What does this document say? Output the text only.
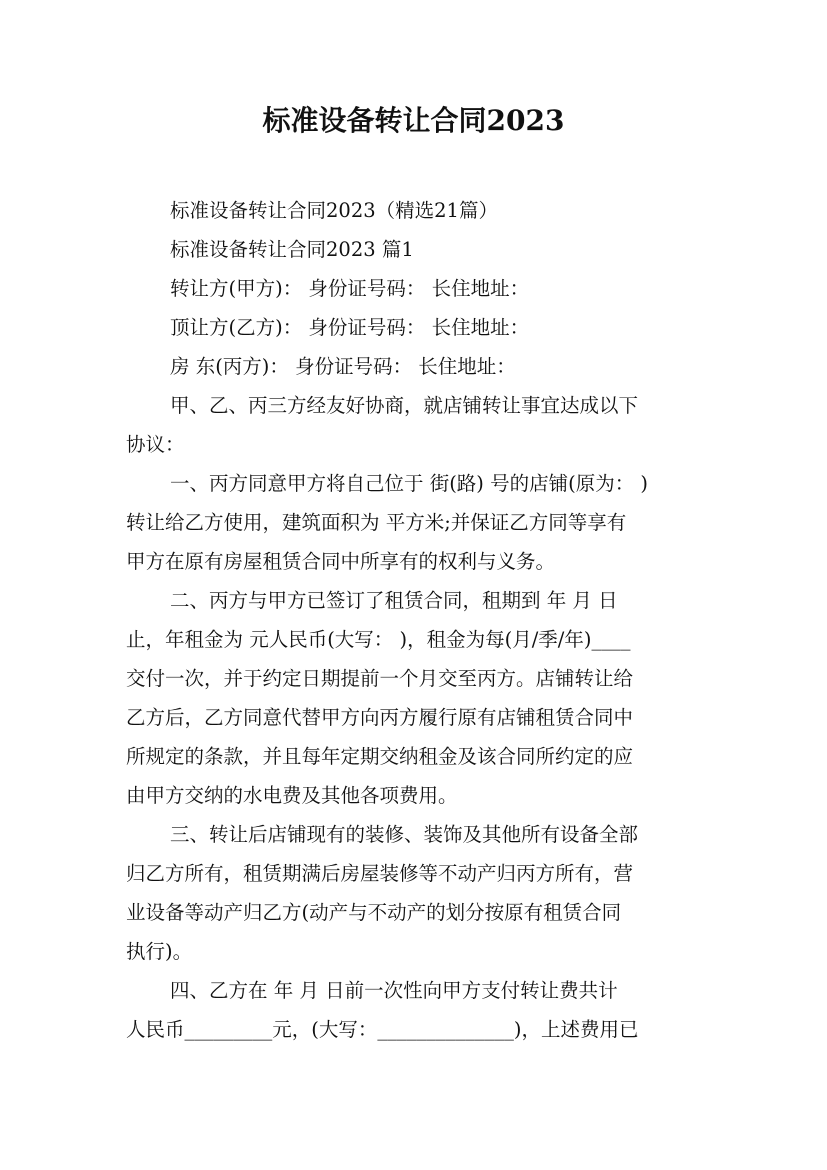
标准设备转让合同2023
标准设备转让合同2023（精选21篇）
标准设备转让合同2023 篇1
转让方(甲方)： 身份证号码： 长住地址：
顶让方(乙方)： 身份证号码： 长住地址：
房 东(丙方)： 身份证号码： 长住地址：
甲、乙、丙三方经友好协商，就店铺转让事宜达成以下
协议：
一、丙方同意甲方将自己位于 街(路) 号的店铺(原为： )
转让给乙方使用，建筑面积为 平方米;并保证乙方同等享有
甲方在原有房屋租赁合同中所享有的权利与义务。
二、丙方与甲方已签订了租赁合同，租期到 年 月 日
止，年租金为 元人民币(大写： )，租金为每(月/季/年)____
交付一次，并于约定日期提前一个月交至丙方。店铺转让给
乙方后，乙方同意代替甲方向丙方履行原有店铺租赁合同中
所规定的条款，并且每年定期交纳租金及该合同所约定的应
由甲方交纳的水电费及其他各项费用。
三、转让后店铺现有的装修、装饰及其他所有设备全部
归乙方所有，租赁期满后房屋装修等不动产归丙方所有，营
业设备等动产归乙方(动产与不动产的划分按原有租赁合同
执行)。
四、乙方在 年 月 日前一次性向甲方支付转让费共计
人民币_________元，(大写：______________)，上述费用已
